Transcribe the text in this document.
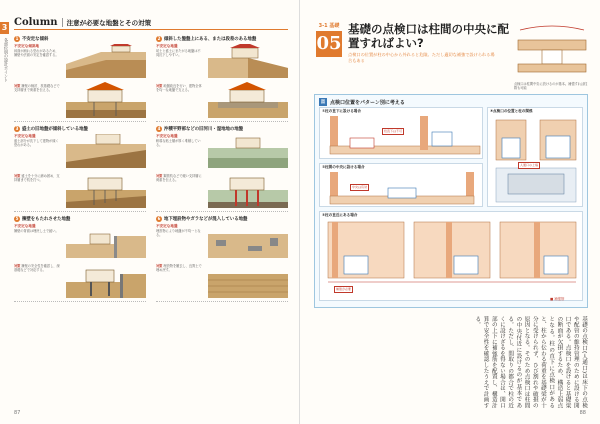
3
各部位別の設計ポイント
Column 注意が必要な地盤とその対策
1 不安定な傾斜
不安定な傾斜地
斜面が崩れる恐れがあるため、擁壁や法面の安定を確認する。
対策 擁壁の検討、杭基礎などで支持層まで荷重を伝える。
2 傾斜した盤盤上にある、または段差のある地盤
不安定な地盤
切土と盛土にまたがる地盤は不同沈下しやすい。
対策 地盤改良を行い、建物全体を均一な地盤で支える。
3 盛土の旧地盤が傾斜している地盤
不安定な地盤
盛土部分が沈下して建物が傾く恐れがある。
対策 盛土を十分に締め固め、支持層まで杭を打つ。
4 沖積平野部などの旧河川・湿地地の地盤
不安定な地盤
軟弱な粘土層が厚く堆積している。
対策 鋼管杭などで硬い支持層に荷重を伝える。
5 擁壁をもたれさせた地盤
不安定な地盤
擁壁の背面は埋戻し土で緩い。
対策 擁壁の安全性を確認し、深基礎などで対応する。
6 地下埋設物やガラなどが混入している地盤
不安定な地盤
埋設物により地盤が不均一となる。
対策 埋設物を撤去し、良質土で埋め戻す。
87
3-1 基礎
05
基礎の点検口は柱間の中央に配置すればよい?
点検口の位置が柱の中心から外れると危険。ただし適切な補強で設けられる場合もある
点検口は柱間中央に設けるのが基本。補強すれば柱際も可能
図	点検口位置をパターン別に考える
①柱の直下に設ける場合
柱直下は不可
⑤点検口の位置と柱の関係
人通口の上端
②柱間の中央に設ける場合
中央は有効
③柱の直近にある場合
補強が必要
■ 補強筋
基礎の点検口(人通口)は床下の点検や配管の維持管理のために設ける開口である。点検口を設けると基礎梁の断面が欠損するため、構造上弱点となる。柱の直下に点検口があると、柱から伝わる荷重を基礎梁が十分に受けられず、ひび割れや破損の原因となる。そのため点検口は柱間の中央付近に設けるのが基本である。ただし、間取りの都合で柱の近くに設けざるを得ない場合は、開口部の上下に補強筋を配置し、構造計算で安全性を確認したうえで計画する。
88
